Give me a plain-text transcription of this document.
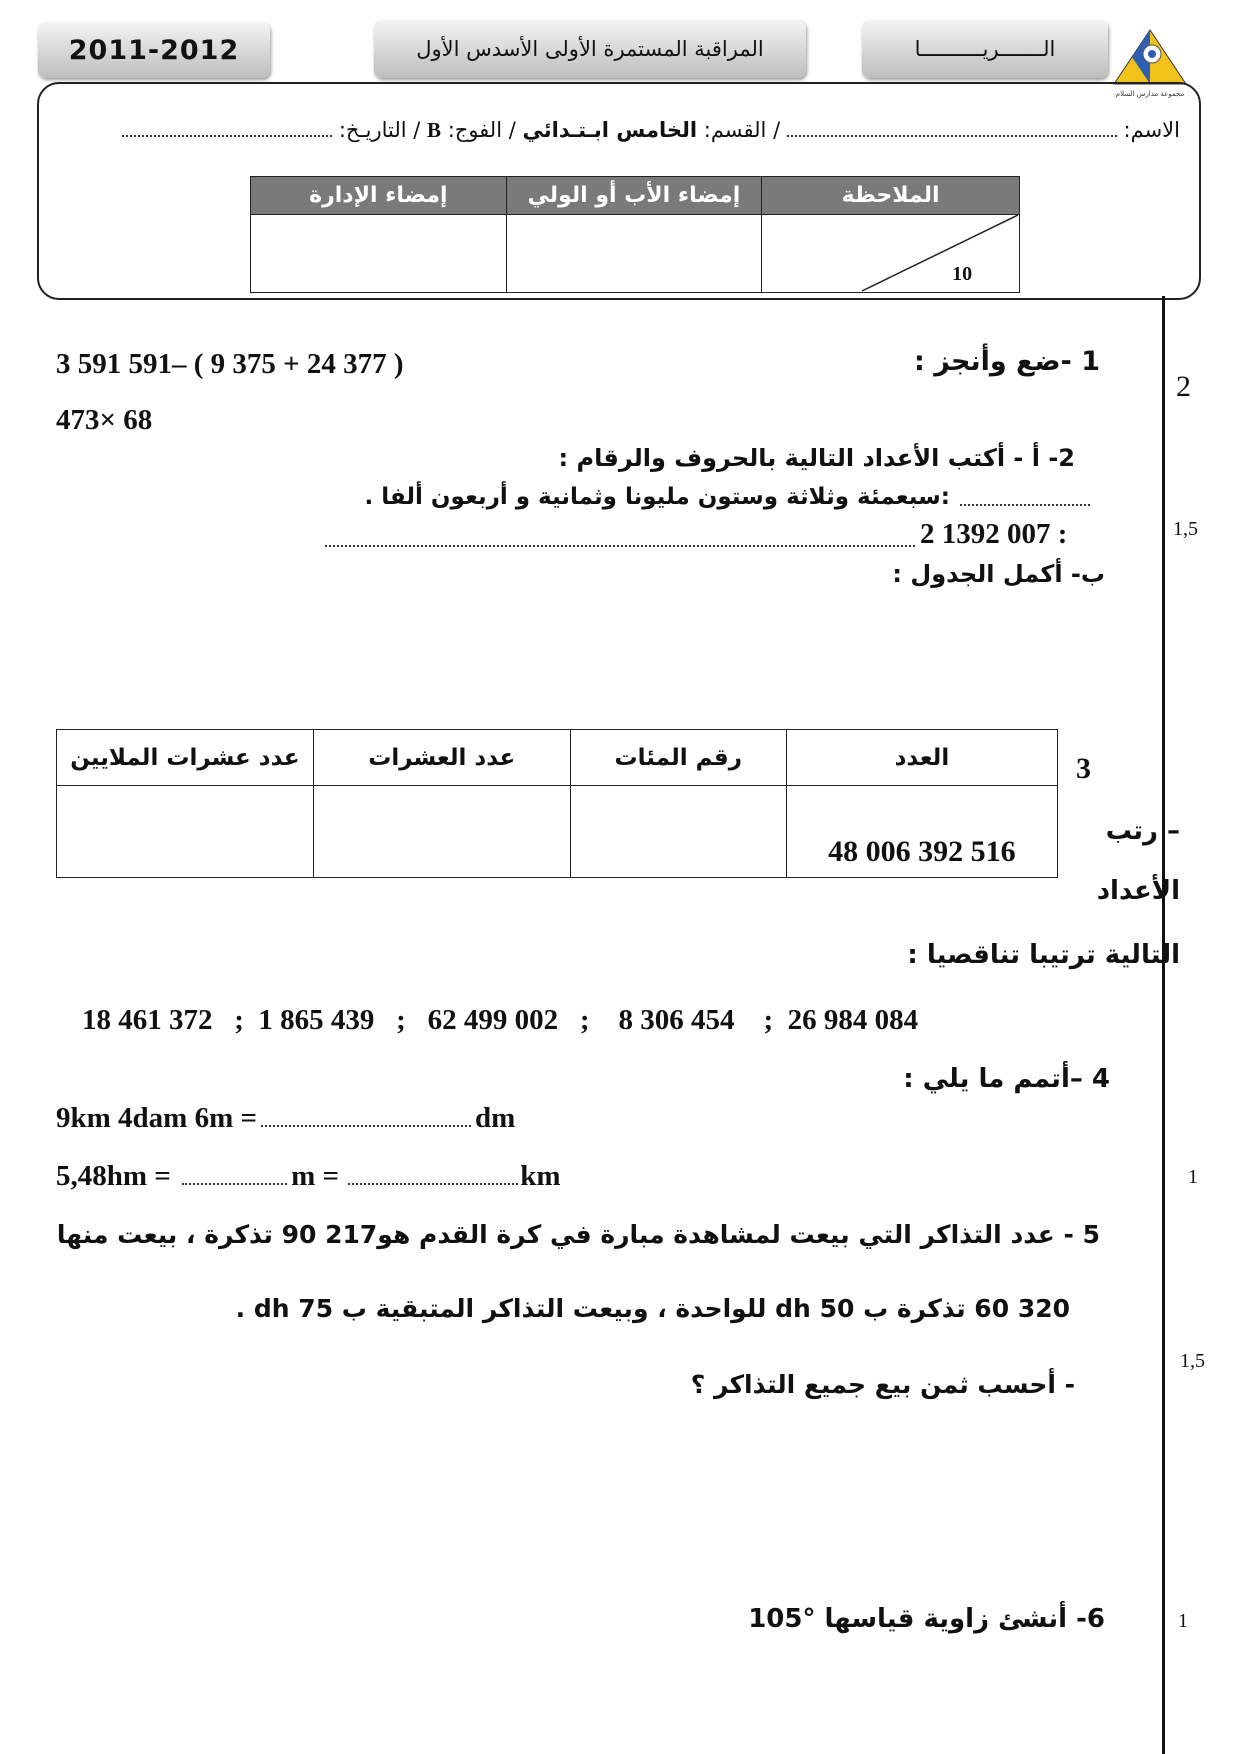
2011-2012	المراقبة المستمرة الأولى الأسدس الأول	الـــــــريــــــــــا
مجموعة مدارس السلام
الاسم:  / القسم: الخامس ابـتـدائي / الفوج: B / التاريـخ:
إمضاء الإدارة	إمضاء الأب أو الولي	الملاحظة

		10
1 -ضع وأنجز :
3 591 591– ( 9 375 + 24 377 )
473× 68
2
2- أ - أكتب الأعداد التالية بالحروف والرقام :
:سبعمئة وثلاثة وستون مليونا وثمانية و أربعون ألفا .
2 1392 007 :	1,5
ب- أكمل الجدول :
عدد عشرات الملايين	عدد العشرات	رقم المئات	العدد
			48 006 392 516
3
– رتب
الأعداد
التالية ترتيبا تناقصيا :
18 461 372   ;  1 865 439   ;   62 499 002   ;    8 306 454    ;  26 984 084
4 –أتمم ما يلي :
9km 4dam 6m =	dm
5,48hm =	m =	km	1
5 - عدد التذاكر التي بيعت لمشاهدة مبارة في كرة القدم هو217 90 تذكرة ، بيعت منها
320 60 تذكرة ب 50 dh للواحدة ، وبيعت التذاكر المتبقية ب 75 dh .
- أحسب ثمن بيع جميع التذاكر ؟
1,5
6- أنشئ زاوية قياسها °105	1
